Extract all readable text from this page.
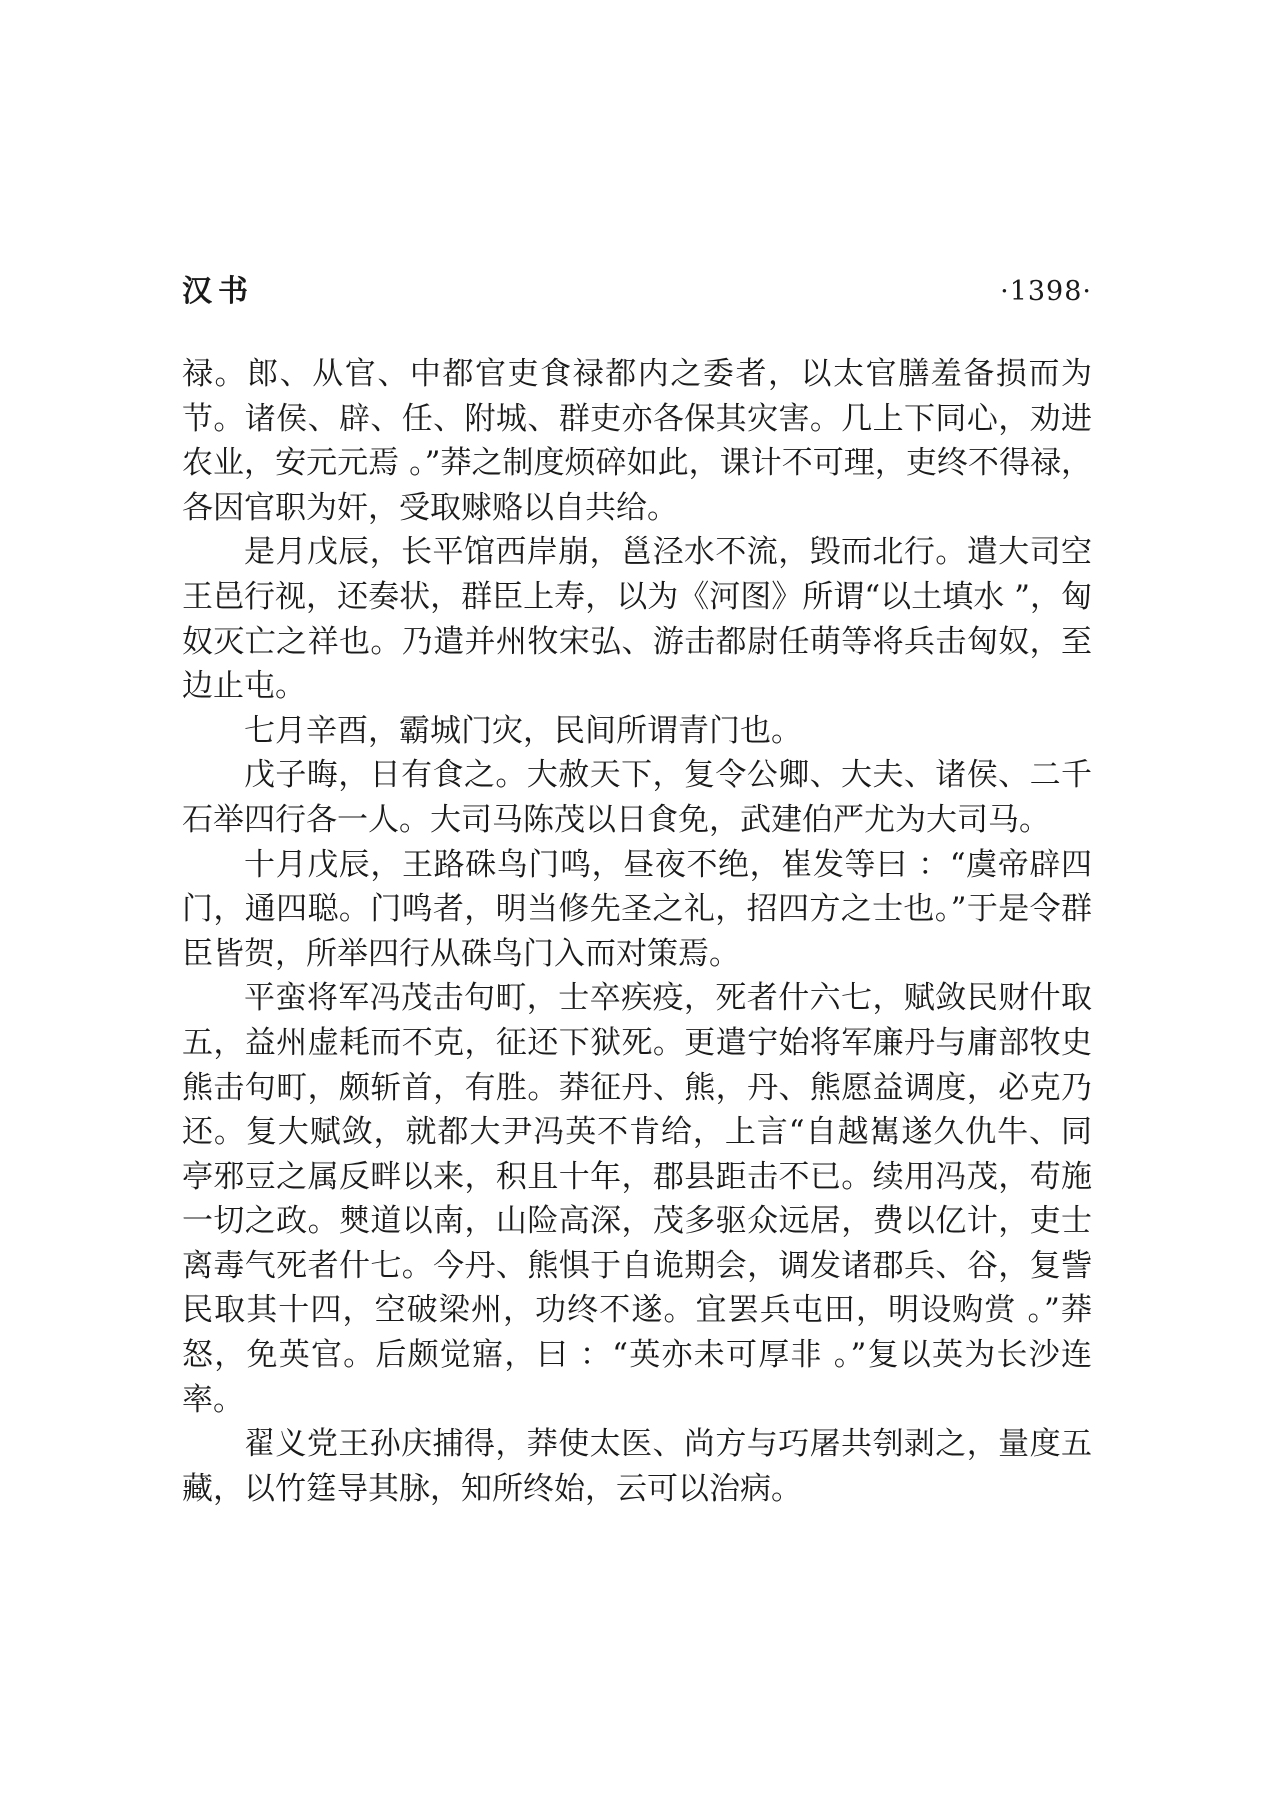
汉书	·1398·

禄。郎、从官、中都官吏食禄都内之委者，以太官膳羞备损而为节。诸侯、辟、任、附城、群吏亦各保其灾害。几上下同心，劝进农业，安元元焉 。”莽之制度烦碎如此，课计不可理，吏终不得禄，各因官职为奸，受取赇赂以自共给。

是月戊辰，长平馆西岸崩，邕泾水不流，毁而北行。遣大司空王邑行视，还奏状，群臣上寿，以为《河图》所谓“以土填水 ”，匈奴灭亡之祥也。乃遣并州牧宋弘、游击都尉任萌等将兵击匈奴，至边止屯。

七月辛酉，霸城门灾，民间所谓青门也。

戊子晦，日有食之。大赦天下，复令公卿、大夫、诸侯、二千石举四行各一人。大司马陈茂以日食免，武建伯严尤为大司马。

十月戊辰，王路硃鸟门鸣，昼夜不绝，崔发等曰 ：“虞帝辟四门，通四聪。门鸣者，明当修先圣之礼，招四方之士也。”于是令群臣皆贺，所举四行从硃鸟门入而对策焉。

平蛮将军冯茂击句町，士卒疾疫，死者什六七，赋敛民财什取五，益州虚耗而不克，征还下狱死。更遣宁始将军廉丹与庸部牧史熊击句町，颇斩首，有胜。莽征丹、熊，丹、熊愿益调度，必克乃还。复大赋敛，就都大尹冯英不肯给，上言“自越嶲遂久仇牛、同亭邪豆之属反畔以来，积且十年，郡县距击不已。续用冯茂，苟施一切之政。僰道以南，山险高深，茂多驱众远居，费以亿计，吏士离毒气死者什七。今丹、熊惧于自诡期会，调发诸郡兵、谷，复訾民取其十四，空破梁州，功终不遂。宜罢兵屯田，明设购赏 。”莽怒，免英官。后颇觉寤，曰 ：“英亦未可厚非 。”复以英为长沙连率。

翟义党王孙庆捕得，莽使太医、尚方与巧屠共刳剥之，量度五藏，以竹筳导其脉，知所终始，云可以治病。
